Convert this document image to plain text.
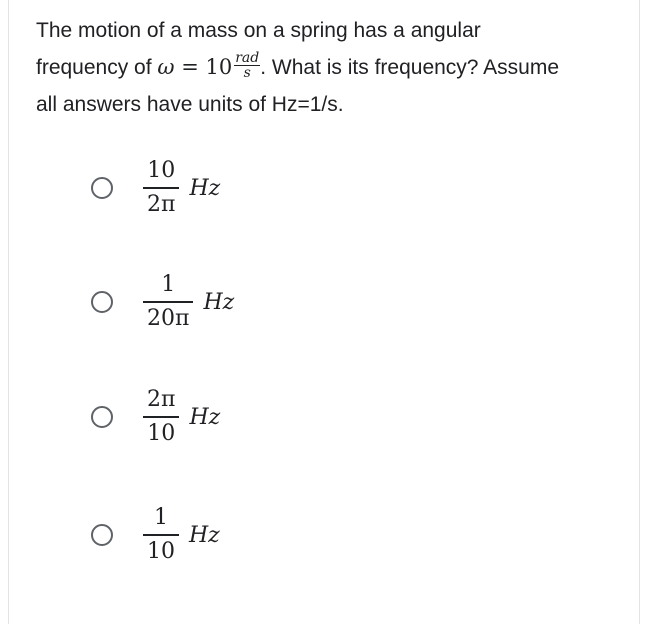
The motion of a mass on a spring has a angular
frequency of $\omega = 10 \frac{\text{rad}}{s}$ . What is its frequency? Assume
all answers have units of Hz=1/s.
$\frac{10}{2\pi}$ Hz
$\frac{1}{20\pi}$ Hz
$\frac{2\pi}{10}$ Hz
$\frac{1}{10}$ Hz
